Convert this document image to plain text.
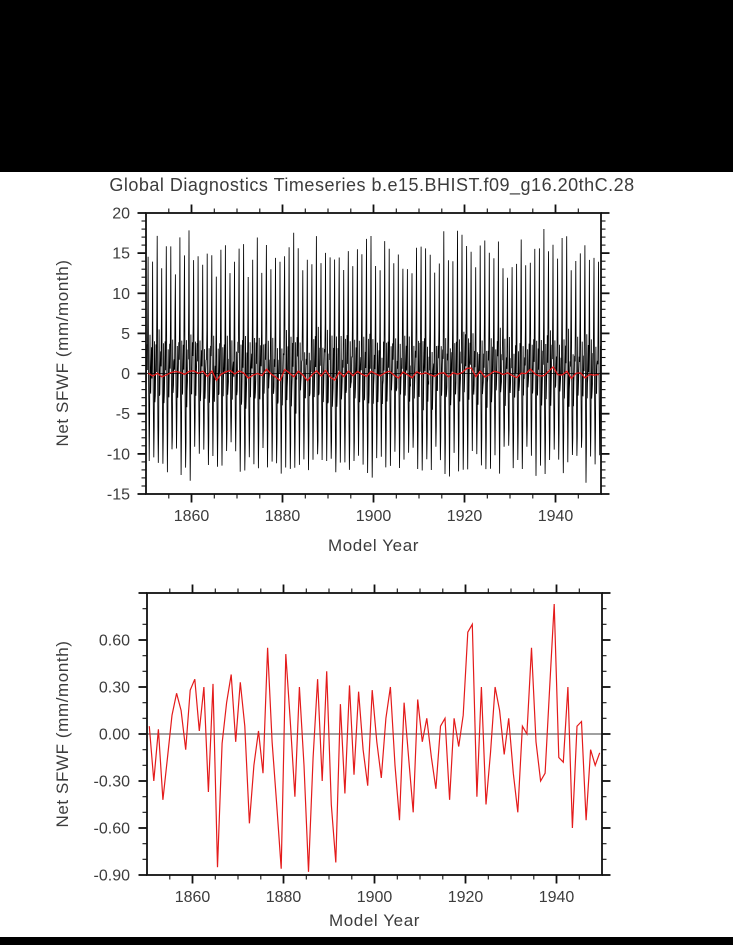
Global Diagnostics Timeseries b.e15.BHIST.f09_g16.20thC.28
20
15
10
5
0
-5
-10
-15
1860	1880	1900	1920	1940
Model Year
Net SFWF (mm/month)
0.60
0.30
0.00
-0.30
-0.60
-0.90
1860	1880	1900	1920	1940
Model Year
Net SFWF (mm/month)
